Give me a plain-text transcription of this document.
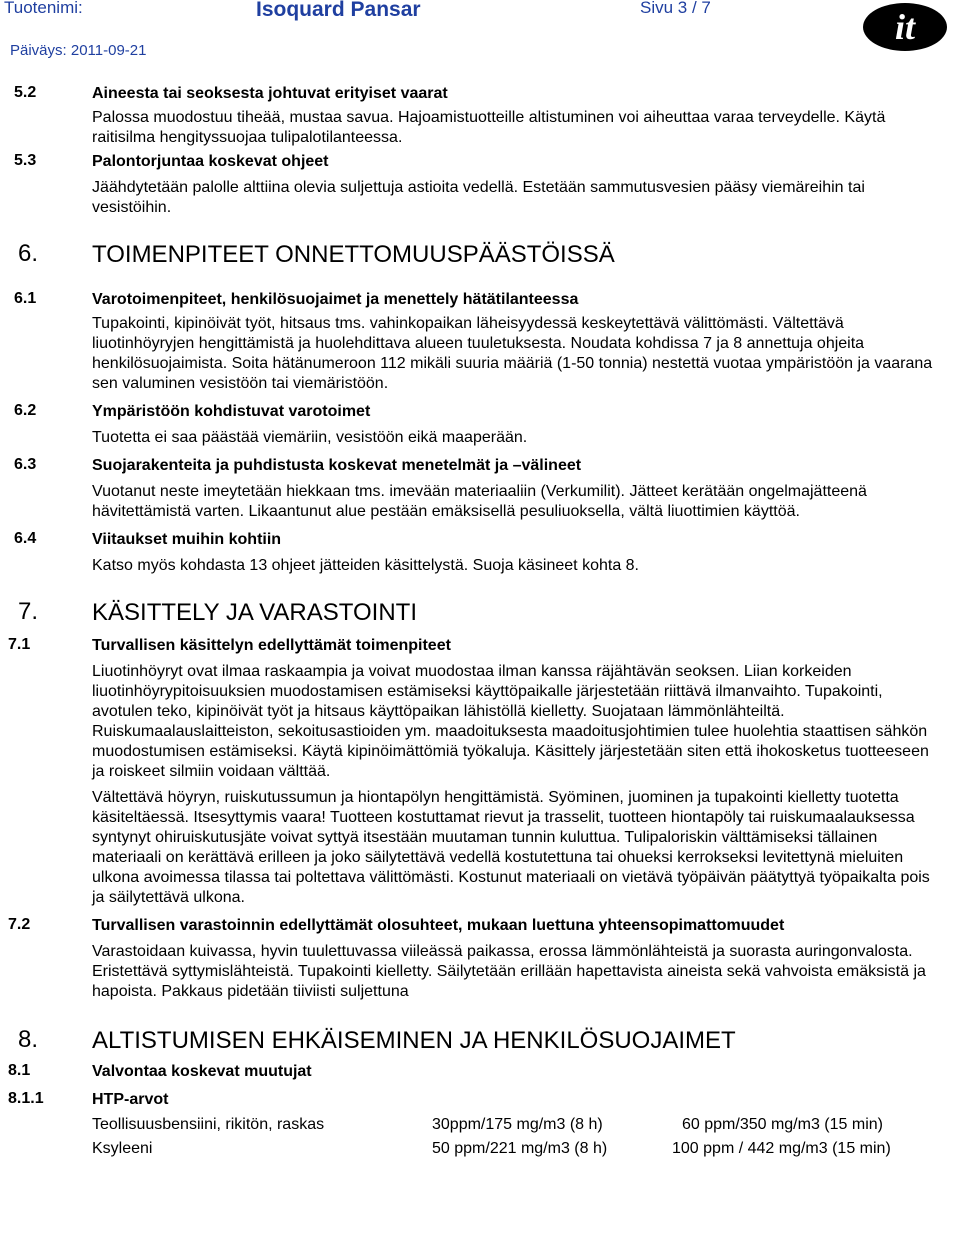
Tuotenimi:	Isoquard Pansar	Sivu 3 / 7
Päiväys: 2011-09-21
it
5.2	Aineesta tai seoksesta johtuvat erityiset vaarat
Palossa muodostuu tiheää, mustaa savua. Hajoamistuotteille altistuminen voi aiheuttaa varaa terveydelle. Käytä raitisilma hengityssuojaa tulipalotilanteessa.
5.3	Palontorjuntaa koskevat ohjeet
Jäähdytetään palolle alttiina olevia suljettuja astioita vedellä. Estetään sammutusvesien pääsy viemäreihin tai vesistöihin.
6. TOIMENPITEET ONNETTOMUUSPÄÄSTÖISSÄ
6.1	Varotoimenpiteet, henkilösuojaimet ja menettely hätätilanteessa
Tupakointi, kipinöivät työt, hitsaus tms. vahinkopaikan läheisyydessä keskeytettävä välittömästi. Vältettävä liuotinhöyryjen hengittämistä ja huolehdittava alueen tuuletuksesta. Noudata kohdissa 7 ja 8 annettuja ohjeita henkilösuojaimista. Soita hätänumeroon 112 mikäli suuria määriä (1-50 tonnia) nestettä vuotaa ympäristöön ja vaarana sen valuminen vesistöön tai viemäristöön.
6.2	Ympäristöön kohdistuvat varotoimet
Tuotetta ei saa päästää viemäriin, vesistöön eikä maaperään.
6.3	Suojarakenteita ja puhdistusta koskevat menetelmät ja –välineet
Vuotanut neste imeytetään hiekkaan tms. imevään materiaaliin (Verkumilit). Jätteet kerätään ongelmajätteenä hävitettämistä varten. Likaantunut alue pestään emäksisellä pesuliuoksella, vältä liuottimien käyttöä.
6.4	Viitaukset muihin kohtiin
Katso myös kohdasta 13 ohjeet jätteiden käsittelystä. Suoja käsineet kohta 8.
7. KÄSITTELY JA VARASTOINTI
7.1	Turvallisen käsittelyn edellyttämät toimenpiteet
Liuotinhöyryt ovat ilmaa raskaampia ja voivat muodostaa ilman kanssa räjähtävän seoksen. Liian korkeiden liuotinhöyrypitoisuuksien muodostamisen estämiseksi käyttöpaikalle järjestetään riittävä ilmanvaihto. Tupakointi, avotulen teko, kipinöivät työt ja hitsaus käyttöpaikan lähistöllä kielletty. Suojataan lämmönlähteiltä. Ruiskumaalauslaitteiston, sekoitusastioiden ym. maadoituksesta maadoitusjohtimien tulee huolehtia staattisen sähkön muodostumisen estämiseksi. Käytä kipinöimättömiä työkaluja. Käsittely järjestetään siten että ihokosketus tuotteeseen ja roiskeet silmiin voidaan välttää.
Vältettävä höyryn, ruiskutussumun ja hiontapölyn hengittämistä. Syöminen, juominen ja tupakointi kielletty tuotetta käsiteltäessä. Itsesyttymis vaara! Tuotteen kostuttamat rievut ja trasselit, tuotteen hiontapöly tai ruiskumaalauksessa syntynyt ohiruiskutusjäte voivat syttyä itsestään muutaman tunnin kuluttua. Tulipaloriskin välttämiseksi tällainen materiaali on kerättävä erilleen ja joko säilytettävä vedellä kostutettuna tai ohueksi kerrokseksi levitettynä mieluiten ulkona avoimessa tilassa tai poltettava välittömästi. Kostunut materiaali on vietävä työpäivän päätyttyä työpaikalta pois ja säilytettävä ulkona.
7.2	Turvallisen varastoinnin edellyttämät olosuhteet, mukaan luettuna yhteensopimattomuudet
Varastoidaan kuivassa, hyvin tuulettuvassa viileässä paikassa, erossa lämmönlähteistä ja suorasta auringonvalosta. Eristettävä syttymislähteistä. Tupakointi kielletty. Säilytetään erillään hapettavista aineista sekä vahvoista emäksistä ja hapoista. Pakkaus pidetään tiiviisti suljettuna
8. ALTISTUMISEN EHKÄISEMINEN JA HENKILÖSUOJAIMET
8.1	Valvontaa koskevat muutujat
8.1.1	HTP-arvot
Teollisuusbensiini, rikitön, raskas	30ppm/175 mg/m3 (8 h)	60 ppm/350 mg/m3 (15 min)
Ksyleeni	50 ppm/221 mg/m3 (8 h)	100 ppm / 442 mg/m3 (15 min)
